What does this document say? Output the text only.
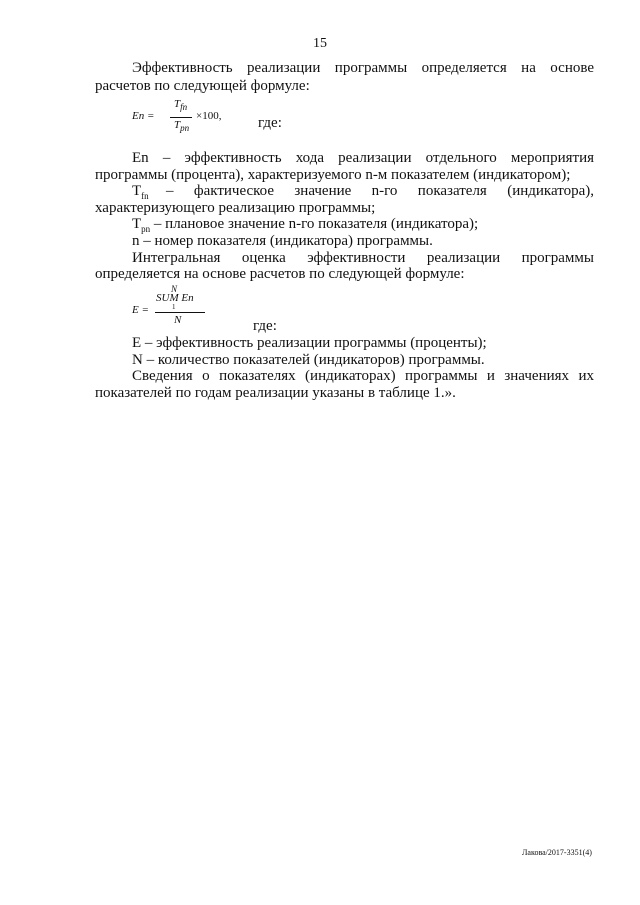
15
Эффективность реализации программы определяется на основе
расчетов по следующей формуле:
En =
$T_{fn}$
$T_{pn}$
×100, где:
En – эффективность хода реализации отдельного мероприятия
программы (процента), характеризуемого n-м показателем (индикатором);
$T_{fn}$ – фактическое значение n-го показателя (индикатора),
характеризующего реализацию программы;
$T_{pn}$ – плановое значение n-го показателя (индикатора);
n – номер показателя (индикатора) программы.
Интегральная оценка эффективности реализации программы
определяется на основе расчетов по следующей формуле:
N
SUM En
E =	1
N	где:
E – эффективность реализации программы (проценты);
N – количество показателей (индикаторов) программы.
Сведения о показателях (индикаторах) программы и значениях их
показателей по годам реализации указаны в таблице 1.».
Лакова/2017-3351(4)
